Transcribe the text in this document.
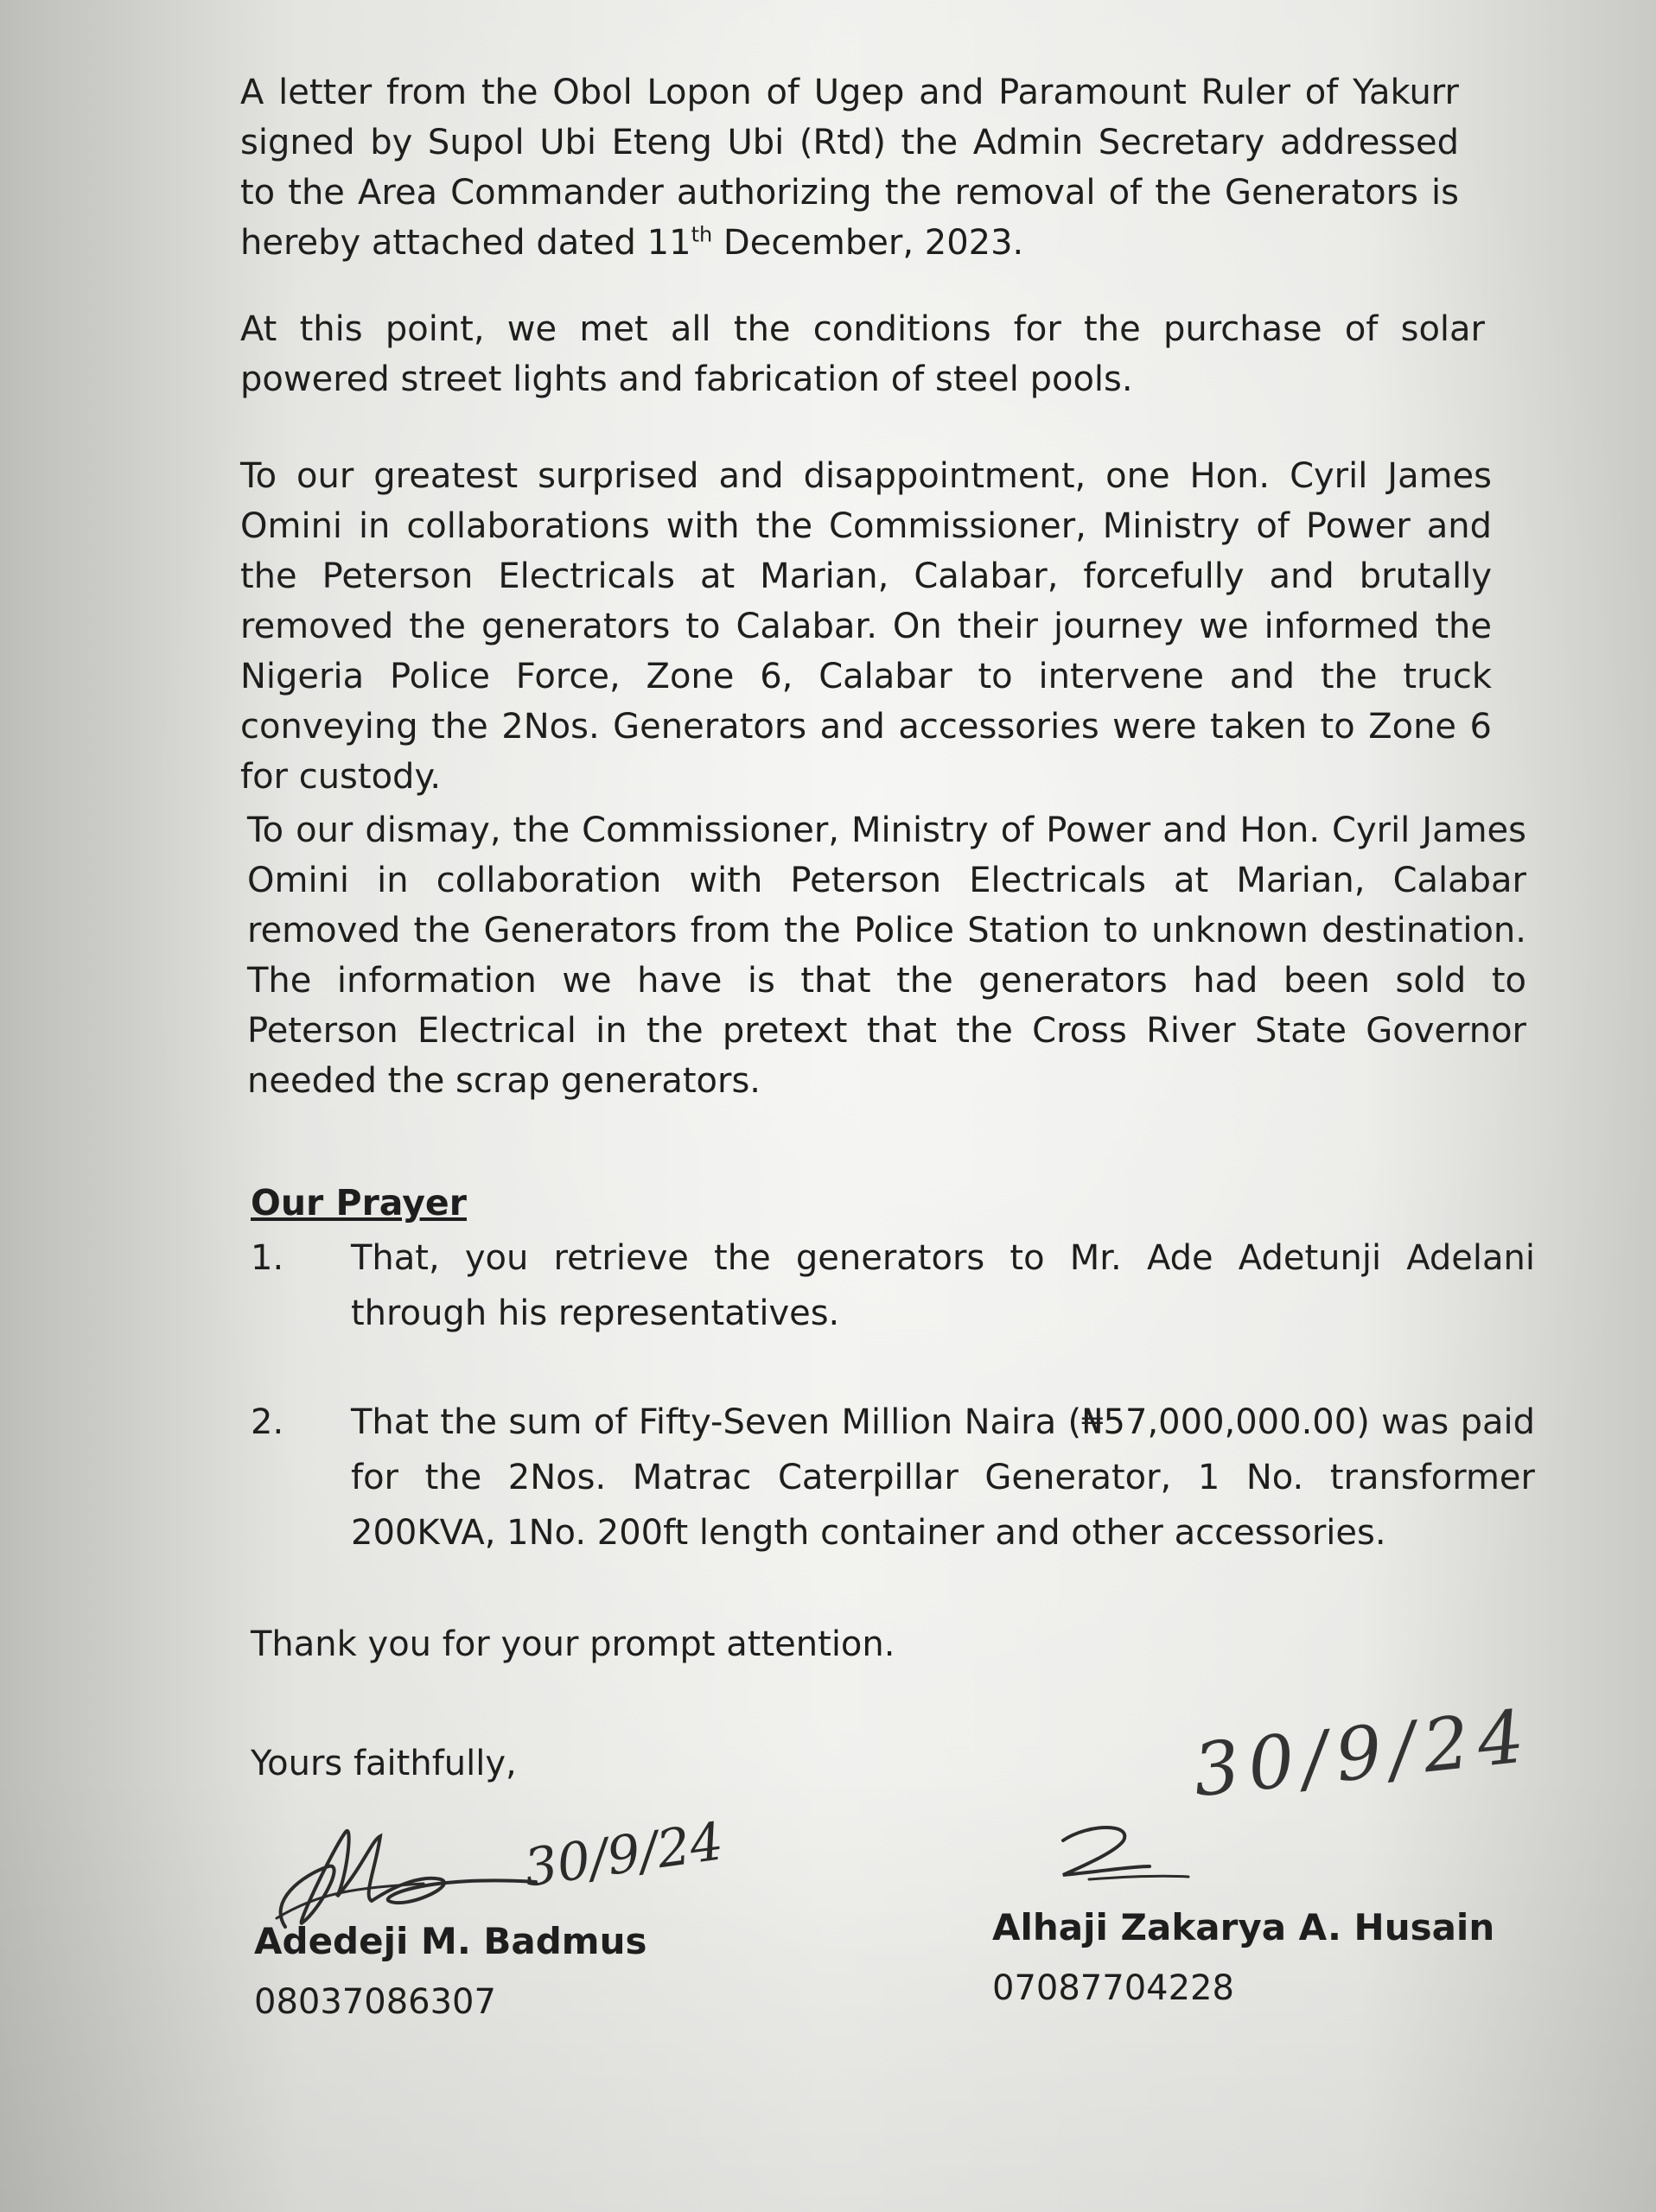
A letter from the Obol Lopon of Ugep and Paramount Ruler of Yakurr signed by Supol Ubi Eteng Ubi (Rtd) the Admin Secretary addressed to the Area Commander authorizing the removal of the Generators is hereby attached dated 11th December, 2023.

At this point, we met all the conditions for the purchase of solar powered street lights and fabrication of steel pools.

To our greatest surprised and disappointment, one Hon. Cyril James Omini in collaborations with the Commissioner, Ministry of Power and the Peterson Electricals at Marian, Calabar, forcefully and brutally removed the generators to Calabar. On their journey we informed the Nigeria Police Force, Zone 6, Calabar to intervene and the truck conveying the 2Nos. Generators and accessories were taken to Zone 6 for custody.

To our dismay, the Commissioner, Ministry of Power and Hon. Cyril James Omini in collaboration with Peterson Electricals at Marian, Calabar removed the Generators from the Police Station to unknown destination. The information we have is that the generators had been sold to Peterson Electrical in the pretext that the Cross River State Governor needed the scrap generators.

Our Prayer
1. That, you retrieve the generators to Mr. Ade Adetunji Adelani through his representatives.

2. That the sum of Fifty-Seven Million Naira (₦57,000,000.00) was paid for the 2Nos. Matrac Caterpillar Generator, 1 No. transformer 200KVA, 1No. 200ft length container and other accessories.

Thank you for your prompt attention.

Yours faithfully,

30/9/24

30/9/24

Adedeji M. Badmus

08037086307

Alhaji Zakarya A. Husain

07087704228
